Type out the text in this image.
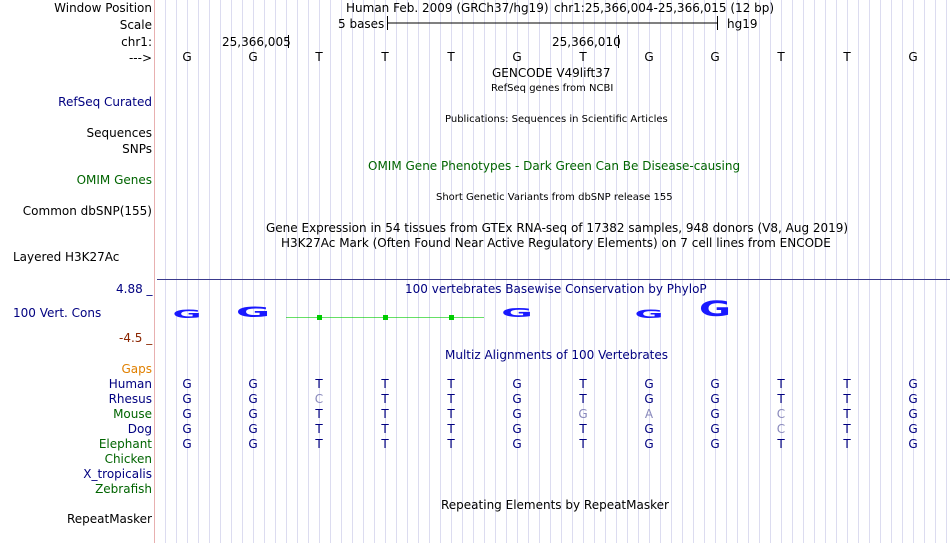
Window Position	Human Feb. 2009 (GRCh37/hg19) chr1:25,366,004-25,366,015 (12 bp)
Scale	5 bases	hg19
chr1:	25,366,005	25,366,010
--->	G	G	T	T	T	G	T	G	G	T	T	G
GENCODE V49lift37
RefSeq genes from NCBI
RefSeq Curated
Publications: Sequences in Scientific Articles
Sequences
SNPs
OMIM Gene Phenotypes - Dark Green Can Be Disease-causing
OMIM Genes
Short Genetic Variants from dbSNP release 155
Common dbSNP(155)
Gene Expression in 54 tissues from GTEx RNA-seq of 17382 samples, 948 donors (V8, Aug 2019)
H3K27Ac Mark (Often Found Near Active Regulatory Elements) on 7 cell lines from ENCODE
Layered H3K27Ac
100 vertebrates Basewise Conservation by PhyloP
4.88 _
100 Vert. Cons
-4.5 _
G	G	G	G	G
Multiz Alignments of 100 Vertebrates
Gaps
Human	G	G	T	T	T	G	T	G	G	T	T	G
Rhesus	G	G	C	T	T	G	T	G	G	T	T	G
Mouse	G	G	T	T	T	G	G	A	G	C	T	G
Dog	G	G	T	T	T	G	T	G	G	C	T	G
Elephant	G	G	T	T	T	G	T	G	G	T	T	G
Chicken
X_tropicalis
Zebrafish
Repeating Elements by RepeatMasker
RepeatMasker
